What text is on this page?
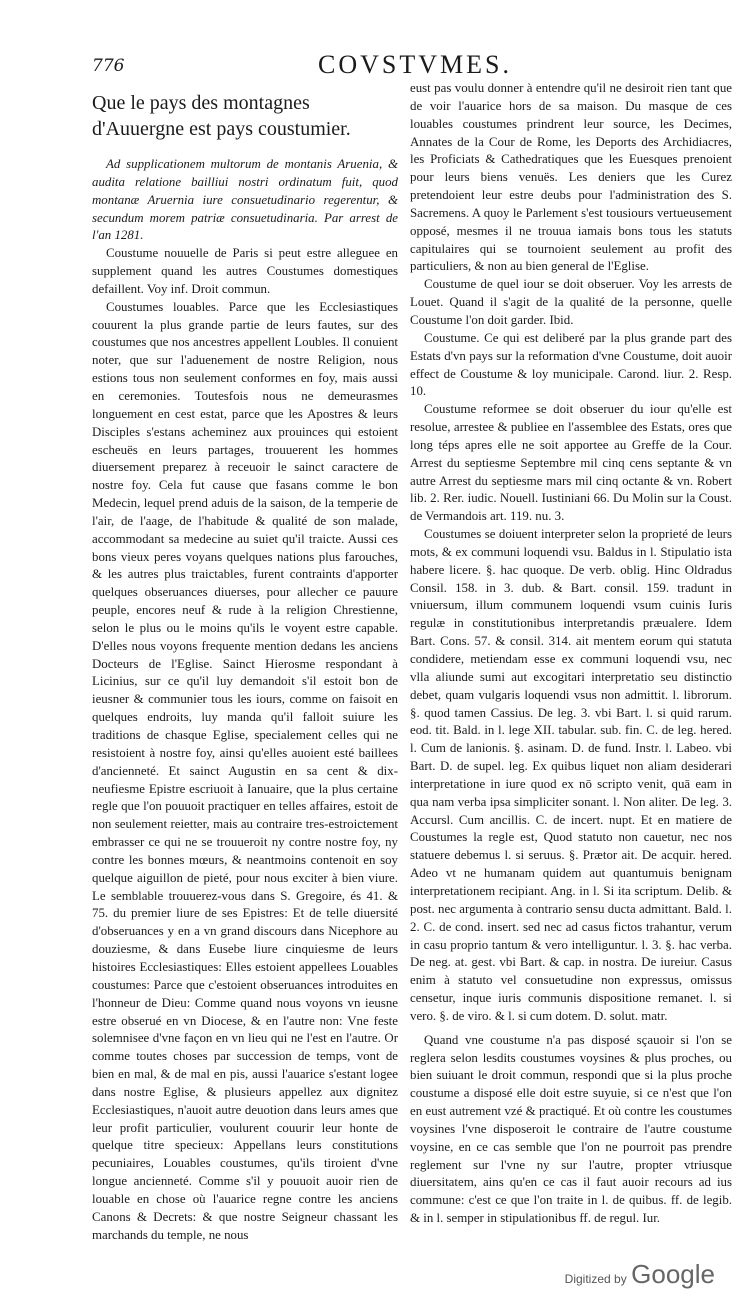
776	COVSTVMES.
Que le pays des montagnes d'Auuergne est pays coustumier.

Ad supplicationem multorum de montanis Aruenia, & audita relatione bailliui nostri ordinatum fuit, quod montanæ Aruernia iure consuetudinario regerentur, & secundum morem patriæ consuetudinaria. Par arrest de l'an 1281.

Coustume nouuelle de Paris si peut estre alleguee en supplement quand les autres Coustumes domestiques defaillent. Voy inf. Droit commun.

Coustumes louables. Parce que les Ecclesiastiques couurent la plus grande partie de leurs fautes, sur des coustumes que nos ancestres appellent Loubles. Il conuient noter, que sur l'aduenement de nostre Religion, nous estions tous non seulement conformes en foy, mais aussi en ceremonies. Toutesfois nous ne demeurasmes longuement en cest estat, parce que les Apostres & leurs Disciples s'estans acheminez aux prouinces qui estoient escheuës en leurs partages, trouuerent les hommes diuersement preparez à receuoir le sainct caractere de nostre foy. Cela fut cause que fasans comme le bon Medecin, lequel prend aduis de la saison, de la temperie de l'air, de l'aage, de l'habitude & qualité de son malade, accommodant sa medecine au suiet qu'il traicte. Aussi ces bons vieux peres voyans quelques nations plus farouches, & les autres plus traictables, furent contraints d'apporter quelques obseruances diuerses, pour allecher ce pauure peuple, encores neuf & rude à la religion Chrestienne, selon le plus ou le moins qu'ils le voyent estre capable. D'elles nous voyons frequente mention dedans les anciens Docteurs de l'Eglise. Sainct Hierosme respondant à Licinius, sur ce qu'il luy demandoit s'il estoit bon de ieusner & communier tous les iours, comme on faisoit en quelques endroits, luy manda qu'il falloit suiure les traditions de chasque Eglise, specialement celles qui ne resistoient à nostre foy, ainsi qu'elles auoient esté baillees d'ancienneté. Et sainct Augustin en sa cent & dix-neufiesme Epistre escriuoit à Ianuaire, que la plus certaine regle que l'on pouuoit practiquer en telles affaires, estoit de non seulement reietter, mais au contraire tres-estroictement embrasser ce qui ne se trouueroit ny contre nostre foy, ny contre les bonnes mœurs, & neantmoins contenoit en soy quelque aiguillon de pieté, pour nous exciter à bien viure. Le semblable trouuerez-vous dans S. Gregoire, és 41. & 75. du premier liure de ses Epistres: Et de telle diuersité d'obseruances y en a vn grand discours dans Nicephore au douziesme, & dans Eusebe liure cinquiesme de leurs histoires Ecclesiastiques: Elles estoient appellees Louables coustumes: Parce que c'estoient obseruances introduites en l'honneur de Dieu: Comme quand nous voyons vn ieusne estre obserué en vn Diocese, & en l'autre non: Vne feste solemnisee d'vne façon en vn lieu qui ne l'est en l'autre. Or comme toutes choses par succession de temps, vont de bien en mal, & de mal en pis, aussi l'auarice s'estant logee dans nostre Eglise, & plusieurs appellez aux dignitez Ecclesiastiques, n'auoit autre deuotion dans leurs ames que leur profit particulier, voulurent couurir leur honte de quelque titre specieux: Appellans leurs constitutions pecuniaires, Louables coustumes, qu'ils tiroient d'vne longue ancienneté. Comme s'il y pouuoit auoir rien de louable en chose où l'auarice regne contre les anciens Canons & Decrets: & que nostre Seigneur chassant les marchands du temple, ne nous

eust pas voulu donner à entendre qu'il ne desiroit rien tant que de voir l'auarice hors de sa maison. Du masque de ces louables coustumes prindrent leur source, les Decimes, Annates de la Cour de Rome, les Deports des Archidiacres, les Proficiats & Cathedratiques que les Euesques prenoient pour leurs biens venuës. Les deniers que les Curez pretendoient leur estre deubs pour l'administration des S. Sacremens. A quoy le Parlement s'est tousiours vertueusement opposé, mesmes il ne trouua iamais bons tous les statuts capitulaires qui se tournoient seulement au profit des particuliers, & non au bien general de l'Eglise.

Coustume de quel iour se doit obseruer. Voy les arrests de Louet. Quand il s'agit de la qualité de la personne, quelle Coustume l'on doit garder. Ibid.

Coustume. Ce qui est deliberé par la plus grande part des Estats d'vn pays sur la reformation d'vne Coustume, doit auoir effect de Coustume & loy municipale. Carond. liur. 2. Resp. 10.

Coustume reformee se doit obseruer du iour qu'elle est resolue, arrestee & publiee en l'assemblee des Estats, ores que long téps apres elle ne soit apportee au Greffe de la Cour. Arrest du septiesme Septembre mil cinq cens septante & vn autre Arrest du septiesme mars mil cinq octante & vn. Robert lib. 2. Rer. iudic. Nouell. Iustiniani 66. Du Molin sur la Coust. de Vermandois art. 119. nu. 3.

Coustumes se doiuent interpreter selon la proprieté de leurs mots, & ex communi loquendi vsu. Baldus in l. Stipulatio ista habere licere. §. hac quoque. De verb. oblig. Hinc Oldradus Consil. 158. in 3. dub. & Bart. consil. 159. tradunt in vniuersum, illum communem loquendi vsum cuinis Iuris regulæ in constitutionibus interpretandis præualere. Idem Bart. Cons. 57. & consil. 314. ait mentem eorum qui statuta condidere, metiendam esse ex communi loquendi vsu, nec vlla aliunde sumi aut excogitari interpretatio seu distinctio debet, quam vulgaris loquendi vsus non admittit. l. librorum. §. quod tamen Cassius. De leg. 3. vbi Bart. l. si quid rarum. eod. tit. Bald. in l. lege XII. tabular. sub. fin. C. de leg. hered. l. Cum de lanionis. §. asinam. D. de fund. Instr. l. Labeo. vbi Bart. D. de supel. leg. Ex quibus liquet non aliam desiderari interpretatione in iure quod ex nō scripto venit, quā eam in qua nam verba ipsa simpliciter sonant. l. Non aliter. De leg. 3. Accursl. Cum ancillis. C. de incert. nupt. Et en matiere de Coustumes la regle est, Quod statuto non cauetur, nec nos statuere debemus l. si seruus. §. Prætor ait. De acquir. hered. Adeo vt ne humanam quidem aut quantumuis benignam interpretationem recipiant. Ang. in l. Si ita scriptum. Delib. & post. nec argumenta à contrario sensu ducta admittant. Bald. l. 2. C. de cond. insert. sed nec ad casus fictos trahantur, verum in casu proprio tantum & vero intelliguntur. l. 3. §. hac verba. De neg. at. gest. vbi Bart. & cap. in nostra. De iureiur. Casus enim à statuto vel consuetudine non expressus, omissus censetur, inque iuris communis dispositione remanet. l. si vero. §. de viro. & l. si cum dotem. D. solut. matr.

Quand vne coustume n'a pas disposé sçauoir si l'on se reglera selon lesdits coustumes voysines & plus proches, ou bien suiuant le droit commun, respondi que si la plus proche coustume a disposé elle doit estre suyuie, si ce n'est que l'on en eust autrement vzé & practiqué. Et où contre les coustumes voysines l'vne disposeroit le contraire de l'autre coustume voysine, en ce cas semble que l'on ne pourroit pas prendre reglement sur l'vne ny sur l'autre, propter vtriusque diuersitatem, ains qu'en ce cas il faut auoir recours ad ius commune: c'est ce que l'on traite in l. de quibus. ff. de legib. & in l. semper in stipulationibus ff. de regul. Iur.

Digitized by Google
